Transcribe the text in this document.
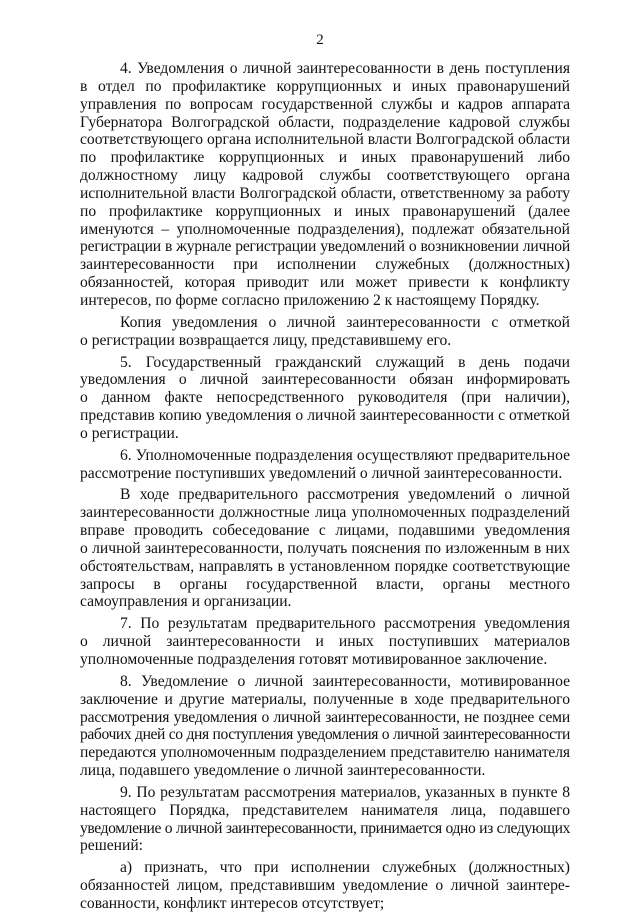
2
4. Уведомления о личной заинтересованности в день поступления
в отдел по профилактике коррупционных и иных правонарушений
управления по вопросам государственной службы и кадров аппарата
Губернатора Волгоградской области, подразделение кадровой службы
соответствующего органа исполнительной власти Волгоградской области
по профилактике коррупционных и иных правонарушений либо
должностному лицу кадровой службы соответствующего органа
исполнительной власти Волгоградской области, ответственному за работу
по профилактике коррупционных и иных правонарушений (далее
именуются – уполномоченные подразделения), подлежат обязательной
регистрации в журнале регистрации уведомлений о возникновении личной
заинтересованности при исполнении служебных (должностных)
обязанностей, которая приводит или может привести к конфликту
интересов, по форме согласно приложению 2 к настоящему Порядку.
Копия уведомления о личной заинтересованности с отметкой
о регистрации возвращается лицу, представившему его.
5. Государственный гражданский служащий в день подачи
уведомления о личной заинтересованности обязан информировать
о данном факте непосредственного руководителя (при наличии),
представив копию уведомления о личной заинтересованности с отметкой
о регистрации.
6. Уполномоченные подразделения осуществляют предварительное
рассмотрение поступивших уведомлений о личной заинтересованности.
В ходе предварительного рассмотрения уведомлений о личной
заинтересованности должностные лица уполномоченных подразделений
вправе проводить собеседование с лицами, подавшими уведомления
о личной заинтересованности, получать пояснения по изложенным в них
обстоятельствам, направлять в установленном порядке соответствующие
запросы в органы государственной власти, органы местного
самоуправления и организации.
7. По результатам предварительного рассмотрения уведомления
о личной заинтересованности и иных поступивших материалов
уполномоченные подразделения готовят мотивированное заключение.
8. Уведомление о личной заинтересованности, мотивированное
заключение и другие материалы, полученные в ходе предварительного
рассмотрения уведомления о личной заинтересованности, не позднее семи
рабочих дней со дня поступления уведомления о личной заинтересованности
передаются уполномоченным подразделением представителю нанимателя
лица, подавшего уведомление о личной заинтересованности.
9. По результатам рассмотрения материалов, указанных в пункте 8
настоящего Порядка, представителем нанимателя лица, подавшего
уведомление о личной заинтересованности, принимается одно из следующих
решений:
а) признать, что при исполнении служебных (должностных)
обязанностей лицом, представившим уведомление о личной заинтере-
сованности, конфликт интересов отсутствует;
